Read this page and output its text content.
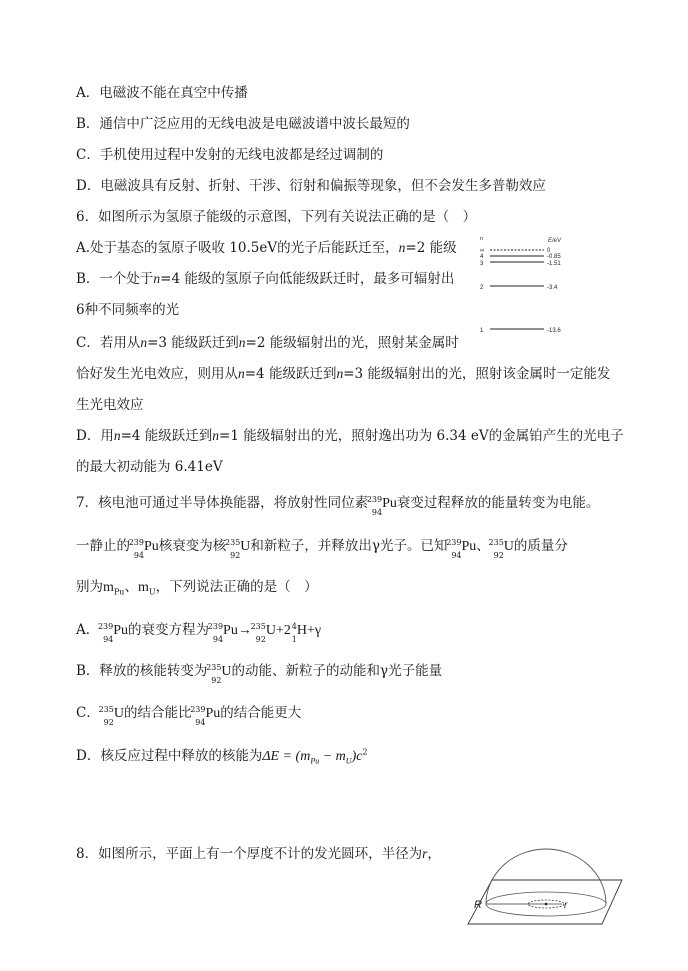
A．电磁波不能在真空中传播
B．通信中广泛应用的无线电波是电磁波谱中波长最短的
C．手机使用过程中发射的无线电波都是经过调制的
D．电磁波具有反射、折射、干涉、衍射和偏振等现象，但不会发生多普勒效应
6．如图所示为氢原子能级的示意图，下列有关说法正确的是（　）
A.处于基态的氢原子吸收 10.5eV的光子后能跃迁至，n=2 能级
B．一个处于n=4 能级的氢原子向低能级跃迁时，最多可辐射出
6种不同频率的光
C．若用从n=3 能级跃迁到n=2 能级辐射出的光，照射某金属时
恰好发生光电效应，则用从n=4 能级跃迁到n=3 能级辐射出的光，照射该金属时一定能发
生光电效应
D．用n=4 能级跃迁到n=1 能级辐射出的光，照射逸出功为 6.34 eV的金属铂产生的光电子
的最大初动能为 6.41eV
n	E/eV
∞
4
3
2
1
0
-0.85
-1.51
-3.4
-13.6
7．核电池可通过半导体换能器，将放射性同位素
239
94
Pu衰变过程释放的能量转变为电能。
一静止的
239
94
Pu核衰变为核
235
92
U和新粒子，并释放出γ光子。已知
239
94
Pu、
235
92
U的质量分
别为$m_{Pu}$、$m_U$，下列说法正确的是（　）
A．
239
94
Pu的衰变方程为
239
94
Pu→
235
92
U+2 4
1
H+γ
B．释放的核能转变为
235
92
U的动能、新粒子的动能和γ光子能量
C．
235
92
U的结合能比
239
94
Pu的结合能更大
D．核反应过程中释放的核能为$\Delta E = (m_{Pu} - m_U)c^2$
8．如图所示，平面上有一个厚度不计的发光圆环，半径为r，
R	r
